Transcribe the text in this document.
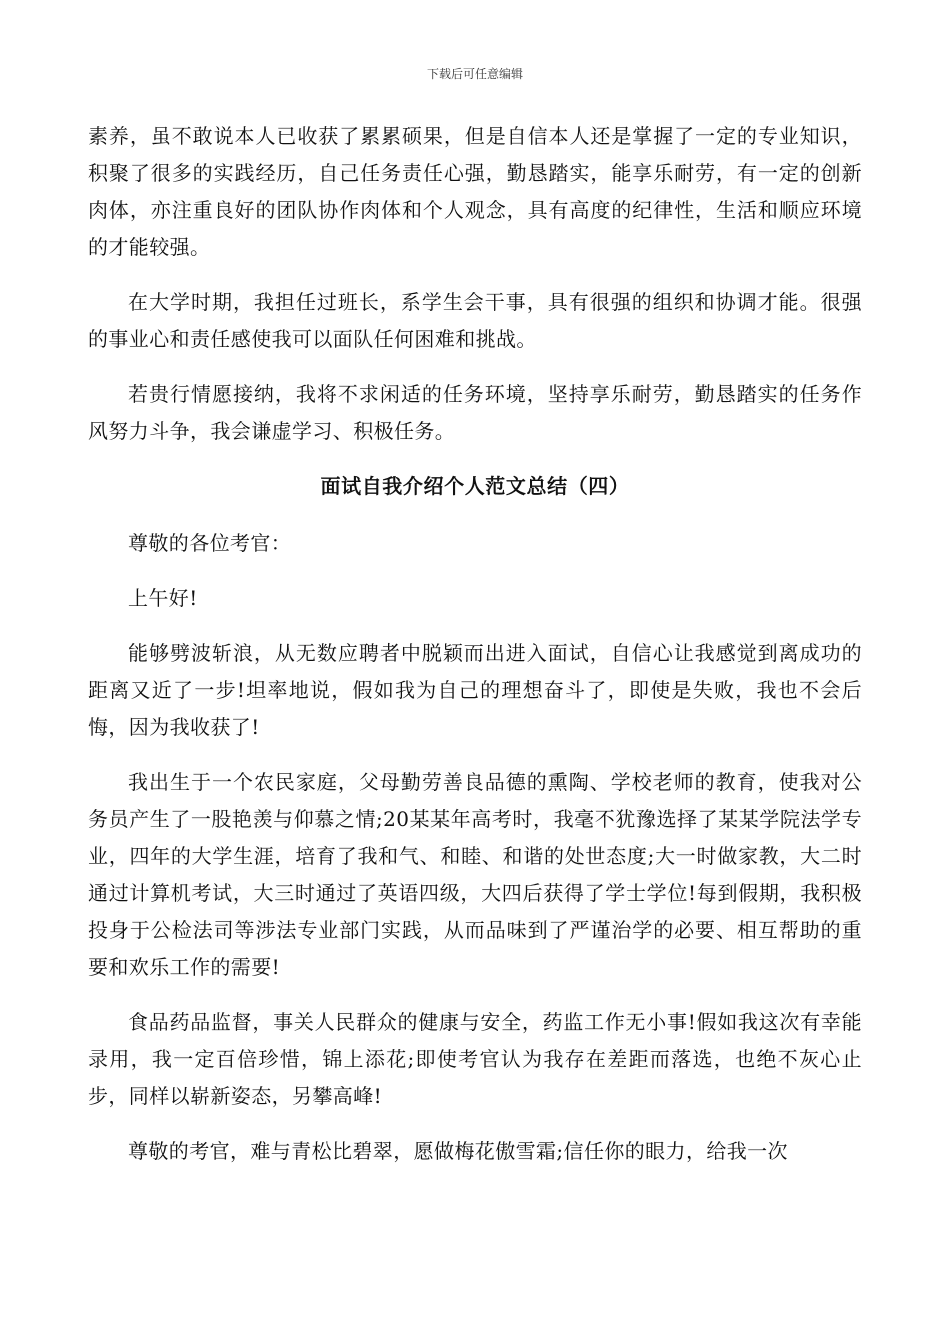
下载后可任意编辑

素养，虽不敢说本人已收获了累累硕果，但是自信本人还是掌握了一定的专业知识，积聚了很多的实践经历，自己任务责任心强，勤恳踏实，能享乐耐劳，有一定的创新肉体，亦注重良好的团队协作肉体和个人观念，具有高度的纪律性，生活和顺应环境的才能较强。

在大学时期，我担任过班长，系学生会干事，具有很强的组织和协调才能。很强的事业心和责任感使我可以面队任何困难和挑战。

若贵行情愿接纳，我将不求闲适的任务环境，坚持享乐耐劳，勤恳踏实的任务作风努力斗争，我会谦虚学习、积极任务。

面试自我介绍个人范文总结（四）

尊敬的各位考官：

上午好!

能够劈波斩浪，从无数应聘者中脱颖而出进入面试，自信心让我感觉到离成功的距离又近了一步!坦率地说，假如我为自己的理想奋斗了，即使是失败，我也不会后悔，因为我收获了!

我出生于一个农民家庭，父母勤劳善良品德的熏陶、学校老师的教育，使我对公务员产生了一股艳羡与仰慕之情;20某某年高考时，我毫不犹豫选择了某某学院法学专业，四年的大学生涯，培育了我和气、和睦、和谐的处世态度;大一时做家教，大二时通过计算机考试，大三时通过了英语四级，大四后获得了学士学位!每到假期，我积极投身于公检法司等涉法专业部门实践，从而品味到了严谨治学的必要、相互帮助的重要和欢乐工作的需要!

食品药品监督，事关人民群众的健康与安全，药监工作无小事!假如我这次有幸能录用，我一定百倍珍惜，锦上添花;即使考官认为我存在差距而落选，也绝不灰心止步，同样以崭新姿态，另攀高峰!

尊敬的考官，难与青松比碧翠，愿做梅花傲雪霜;信任你的眼力，给我一次
